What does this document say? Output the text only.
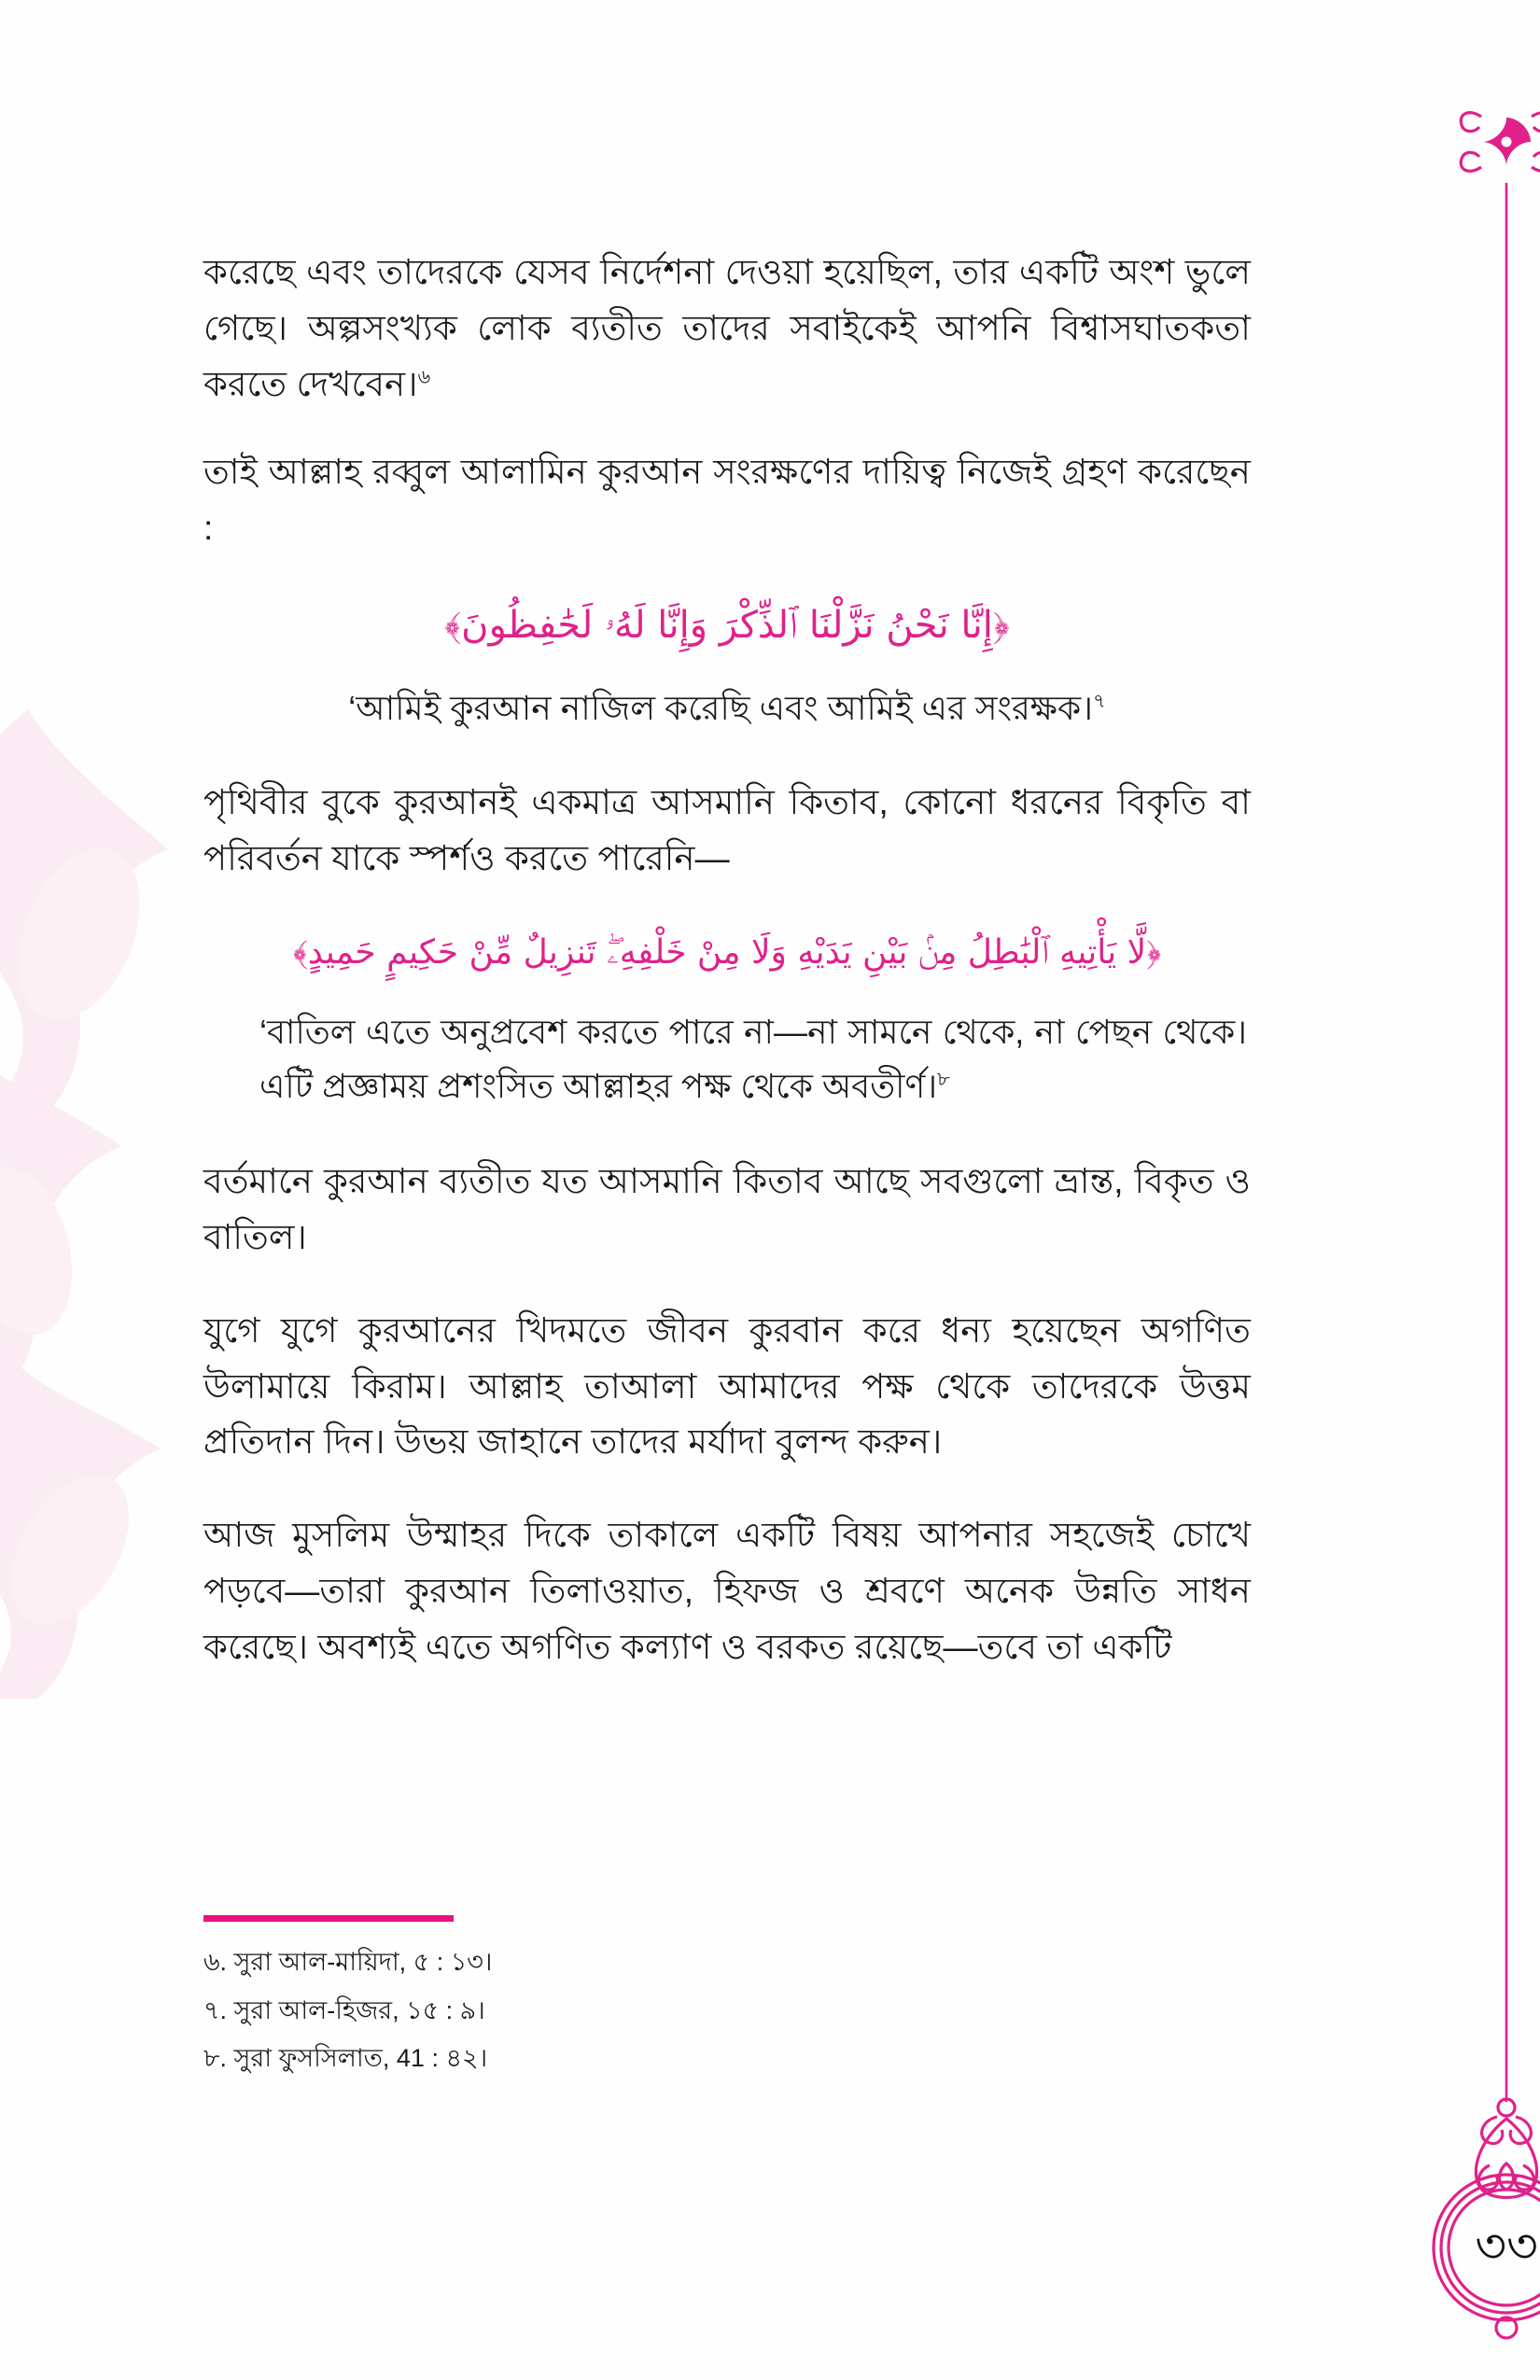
৩৩

করেছে এবং তাদেরকে যেসব নির্দেশনা দেওয়া হয়েছিল, তার একটি অংশ ভুলে গেছে। অল্পসংখ্যক লোক ব্যতীত তাদের সবাইকেই আপনি বিশ্বাসঘাতকতা করতে দেখবেন।$^৬$

তাই আল্লাহ রব্বুল আলামিন কুরআন সংরক্ষণের দায়িত্ব নিজেই গ্রহণ করেছেন :

﴿إِنَّا نَحْنُ نَزَّلْنَا ٱلذِّكْرَ وَإِنَّا لَهُۥ لَحَٰفِظُونَ﴾

‘আমিই কুরআন নাজিল করেছি এবং আমিই এর সংরক্ষক।$^৭$

পৃথিবীর বুকে কুরআনই একমাত্র আসমানি কিতাব, কোনো ধরনের বিকৃতি বা পরিবর্তন যাকে স্পর্শও করতে পারেনি—

﴿لَّا يَأْتِيهِ ٱلْبَٰطِلُ مِنۢ بَيْنِ يَدَيْهِ وَلَا مِنْ خَلْفِهِۦۖ تَنزِيلٌ مِّنْ حَكِيمٍ حَمِيدٍ﴾

‘বাতিল এতে অনুপ্রবেশ করতে পারে না—না সামনে থেকে, না পেছন থেকে। এটি প্রজ্ঞাময় প্রশংসিত আল্লাহর পক্ষ থেকে অবতীর্ণ।$^৮$

বর্তমানে কুরআন ব্যতীত যত আসমানি কিতাব আছে সবগুলো ভ্রান্ত, বিকৃত ও বাতিল।

যুগে যুগে কুরআনের খিদমতে জীবন কুরবান করে ধন্য হয়েছেন অগণিত উলামায়ে কিরাম। আল্লাহ তাআলা আমাদের পক্ষ থেকে তাদেরকে উত্তম প্রতিদান দিন। উভয় জাহানে তাদের মর্যাদা বুলন্দ করুন।

আজ মুসলিম উম্মাহর দিকে তাকালে একটি বিষয় আপনার সহজেই চোখে পড়বে—তারা কুরআন তিলাওয়াত, হিফজ ও শ্রবণে অনেক উন্নতি সাধন করেছে। অবশ্যই এতে অগণিত কল্যাণ ও বরকত রয়েছে—তবে তা একটি

৬. সুরা আল-মায়িদা, ৫ : ১৩।

৭. সুরা আল-হিজর, ১৫ : ৯।

৮. সুরা ফুসসিলাত, 41 : ৪২।
